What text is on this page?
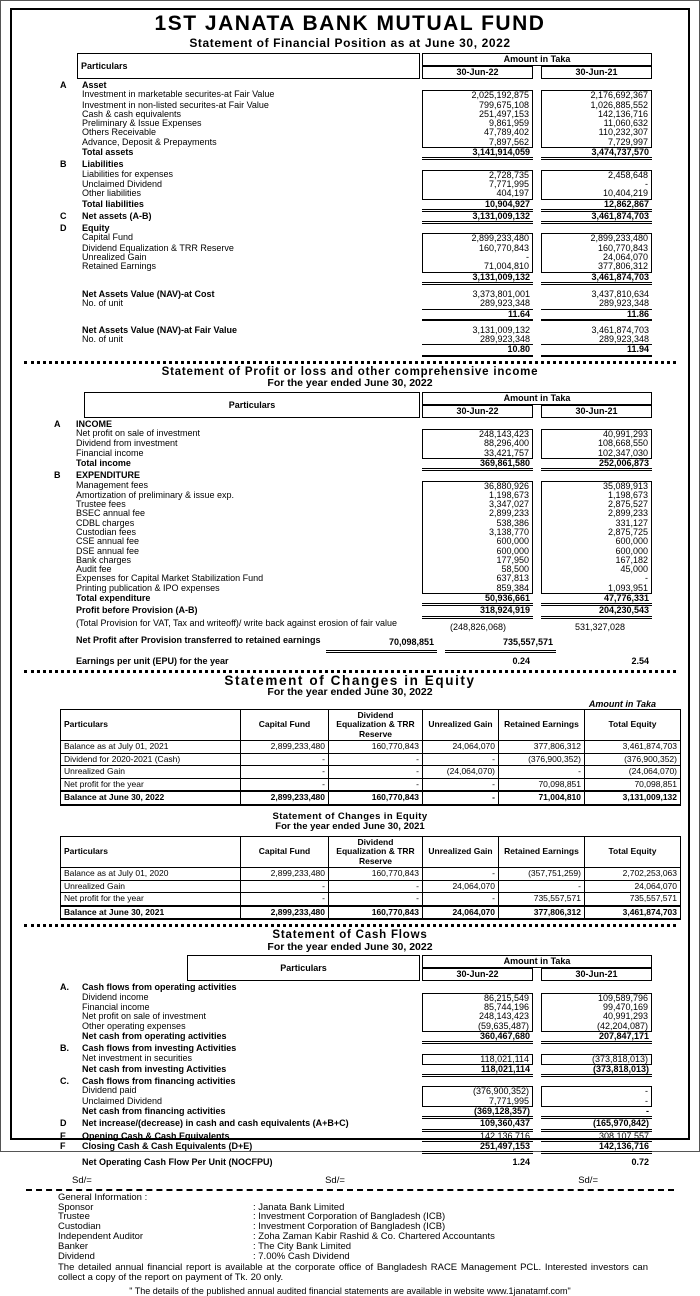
1ST JANATA BANK MUTUAL FUND
Statement of Financial Position as at June 30, 2022
Particulars
Amount in Taka
30-Jun-22	30-Jun-21
A	Asset
Investment in marketable securites-at Fair Value	2,025,192,875	2,176,692,367
Investment in non-listed securites-at Fair Value	799,675,108	1,026,885,552
Cash & cash equivalents	251,497,153	142,136,716
Preliminary & Issue Expenses	9,861,959	11,060,632
Others Receivable	47,789,402	110,232,307
Advance, Deposit & Prepayments	7,897,562	7,729,997
Total assets	3,141,914,059	3,474,737,570
B	Liabilities
Liabilities for expenses	2,728,735	2,458,648
Unclaimed Dividend	7,771,995	-
Other liabilities	404,197	10,404,219
Total liabilities	10,904,927	12,862,867
C	Net assets (A-B)	3,131,009,132	3,461,874,703
D	Equity
Capital Fund	2,899,233,480	2,899,233,480
Dividend Equalization & TRR Reserve	160,770,843	160,770,843
Unrealized Gain	-	24,064,070
Retained Earnings	71,004,810	377,806,312
3,131,009,132	3,461,874,703
Net Assets Value (NAV)-at Cost	3,373,801,001	3,437,810,634
No. of unit	289,923,348	289,923,348
11.64	11.86
Net Assets Value (NAV)-at Fair Value	3,131,009,132	3,461,874,703
No. of unit	289,923,348	289,923,348
10.80	11.94
Statement of Profit or loss and other comprehensive income
For the year ended June 30, 2022
Particulars
Amount in Taka
30-Jun-22	30-Jun-21
A	INCOME
Net profit on sale of investment	248,143,423	40,991,293
Dividend from investment	88,296,400	108,668,550
Financial income	33,421,757	102,347,030
Total income	369,861,580	252,006,873
B	EXPENDITURE
Management fees	36,880,926	35,089,913
Amortization of preliminary & issue exp.	1,198,673	1,198,673
Trustee fees	3,347,027	2,875,527
BSEC annual fee	2,899,233	2,899,233
CDBL charges	538,386	331,127
Custodian fees	3,138,770	2,875,725
CSE annual fee	600,000	600,000
DSE annual fee	600,000	600,000
Bank charges	177,950	167,182
Audit fee	58,500	45,000
Expenses for Capital Market Stabilization Fund	637,813	-
Printing publication & IPO expenses	859,384	1,093,951
Total expenditure	50,936,661	47,776,331
Profit before Provision (A-B)	318,924,919	204,230,543
(Total Provision for VAT, Tax and writeoff)/ write back against erosion of fair value	(248,826,068)	531,327,028
Net Profit after Provision transferred to retained earnings	70,098,851	735,557,571
Earnings per unit (EPU) for the year	0.24	2.54
Statement of Changes in Equity
For the year ended June 30, 2022
Amount in Taka
Particulars	Capital Fund	Dividend Equalization & TRR Reserve	Unrealized Gain	Retained Earnings	Total Equity
Balance as at July 01, 2021	2,899,233,480	160,770,843	24,064,070	377,806,312	3,461,874,703
Dividend for 2020-2021 (Cash)	-	-	-	(376,900,352)	(376,900,352)
Unrealized Gain	-	-	(24,064,070)	-	(24,064,070)
Net profit for the year	-	-	-	70,098,851	70,098,851
Balance at June 30, 2022	2,899,233,480	160,770,843	-	71,004,810	3,131,009,132
Statement of Changes in Equity
For the year ended June 30, 2021
Particulars	Capital Fund	Dividend Equalization & TRR Reserve	Unrealized Gain	Retained Earnings	Total Equity
Balance as at July 01, 2020	2,899,233,480	160,770,843	-	(357,751,259)	2,702,253,063
Unrealized Gain	-	-	24,064,070	-	24,064,070
Net profit for the year	-	-	-	735,557,571	735,557,571
Balance at June 30, 2021	2,899,233,480	160,770,843	24,064,070	377,806,312	3,461,874,703
Statement of Cash Flows
For the year ended June 30, 2022
Particulars
Amount in Taka
30-Jun-22	30-Jun-21
A.	Cash flows from operating activities
Dividend income	86,215,549	109,589,796
Financial income	85,744,196	99,470,169
Net profit on sale of investment	248,143,423	40,991,293
Other operating expenses	(59,635,487)	(42,204,087)
Net cash from operating activities	360,467,680	207,847,171
B.	Cash flows from investing Activities
Net investment in securities	118,021,114	(373,818,013)
Net cash from investing Activities	118,021,114	(373,818,013)
C.	Cash flows from financing activities
Dividend paid	(376,900,352)	-
Unclaimed Dividend	7,771,995	-
Net cash from financing activities	(369,128,357)	-
D	Net increase/(decrease) in cash and cash equivalents (A+B+C)	109,360,437	(165,970,842)
E	Opening Cash & Cash Equivalents	142,136,716	308,107,557
F	Closing Cash & Cash Equivalents (D+E)	251,497,153	142,136,716
Net Operating Cash Flow Per Unit (NOCFPU)	1.24	0.72
Sd/=	Sd/=	Sd/=
General Information :
Sponsor	: Janata Bank Limited
Trustee	: Investment Corporation of Bangladesh (ICB)
Custodian	: Investment Corporation of Bangladesh (ICB)
Independent Auditor	: Zoha Zaman Kabir Rashid & Co. Chartered Accountants
Banker	: The City Bank Limited
Dividend	: 7.00% Cash Dividend
The detailed annual financial report is available at the corporate office of Bangladesh RACE Management PCL. Interested investors can collect a copy of the report on payment of Tk. 20 only.
" The details of the published annual audited financial statements are available in website www.1janatamf.com"
